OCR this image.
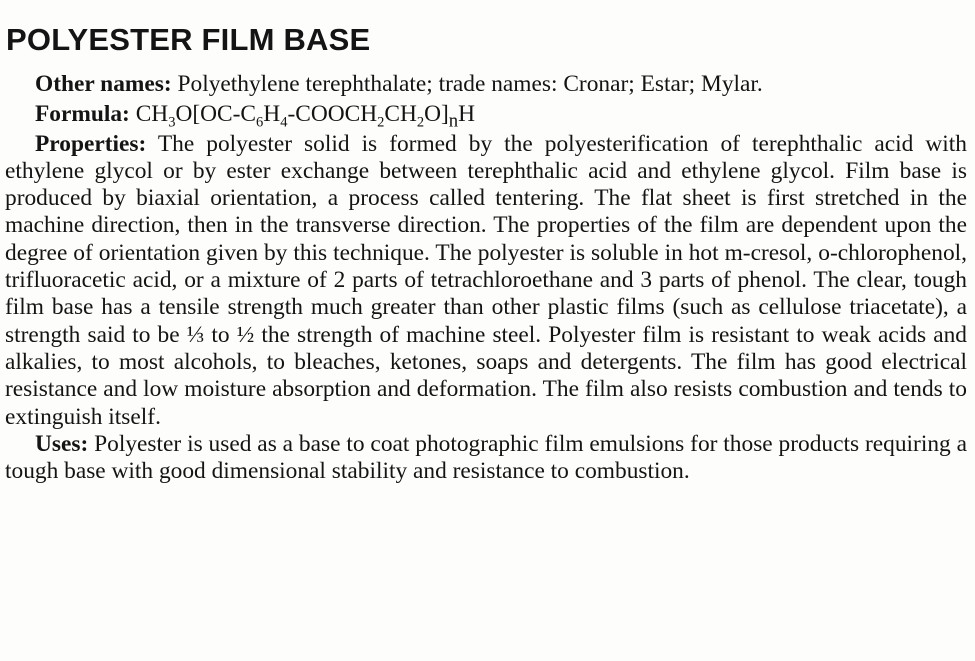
POLYESTER FILM BASE

Other names: Polyethylene terephthalate; trade names: Cronar; Estar; Mylar.

Formula: $CH_3O[OC-C_6H_4-COOCH_2CH_2O]_nH$

Properties: The polyester solid is formed by the polyesterification of terephthalic acid with ethylene glycol or by ester exchange between terephthalic acid and ethylene glycol. Film base is produced by biaxial orientation, a process called tentering. The flat sheet is first stretched in the machine direction, then in the transverse direction. The properties of the film are dependent upon the degree of orientation given by this technique. The polyester is soluble in hot m-cresol, o-chlorophenol, trifluoracetic acid, or a mixture of 2 parts of tetrachloroethane and 3 parts of phenol. The clear, tough film base has a tensile strength much greater than other plastic films (such as cellulose triacetate), a strength said to be ⅓ to ½ the strength of machine steel. Polyester film is resistant to weak acids and alkalies, to most alcohols, to bleaches, ketones, soaps and detergents. The film has good electrical resistance and low moisture absorption and deformation. The film also resists combustion and tends to extinguish itself.

Uses: Polyester is used as a base to coat photographic film emulsions for those products requiring a tough base with good dimensional stability and resistance to combustion.
